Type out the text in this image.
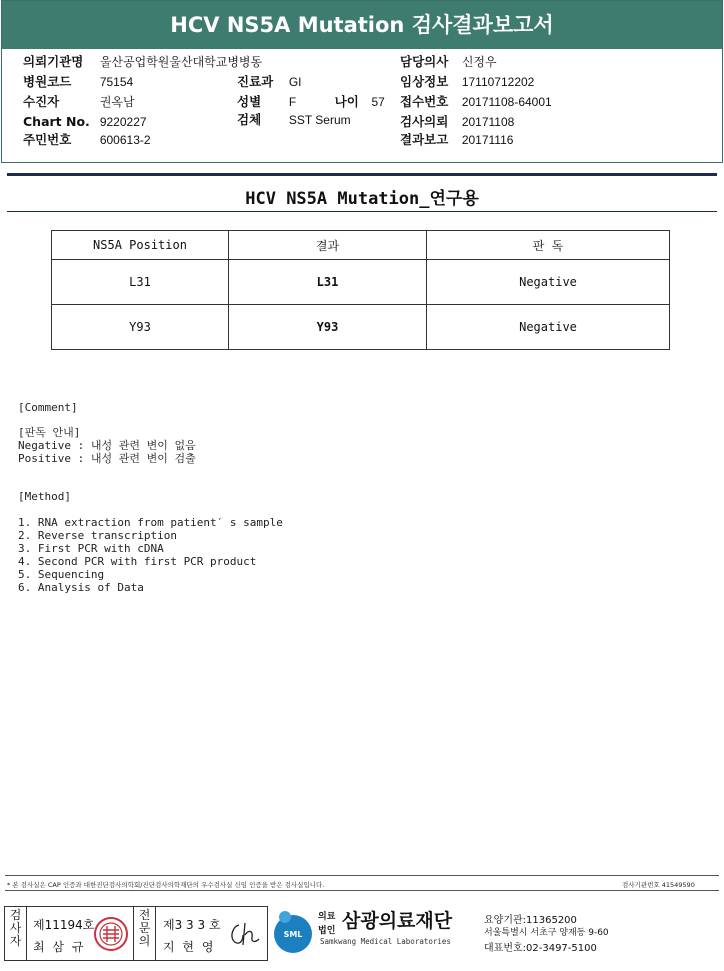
HCV NS5A Mutation 검사결과보고서
의뢰기관명 울산공업학원울산대학교병병동
병원코드 75154
수진자	권옥남
Chart No. 9220227
주민번호 600613-2
진료과 GI
성별 F	나이 57
검체 SST Serum
담당의사 신정우
임상정보 17110712202
접수번호 20171108-64001
검사의뢰 20171108
결과보고 20171116
HCV NS5A Mutation_연구용
NS5A Position	결과	판 독
L31	L31	Negative
Y93	Y93	Negative
[Comment]
[판독 안내]
Negative : 내성 관련 변이 없음
Positive : 내성 관련 변이 검출
[Method]
1. RNA extraction from patient′ s sample
2. Reverse transcription
3. First PCR with cDNA
4. Second PCR with first PCR product
5. Sequencing
6. Analysis of Data
* 본 검사실은 CAP 인증과 대한진단검사의학회/진단검사의학재단의 우수검사실 신임 인증을 받은 검사실입니다.	검사기관번호 41549590
검사자
제11194호
최 삼 규
전문의
제3 3 3 호
지 현 영
SML
의료
법인 삼광의료재단
Samkwang Medical Laboratories
요양기관:11365200
서울특별시 서초구 양재동 9-60
대표번호:02-3497-5100
